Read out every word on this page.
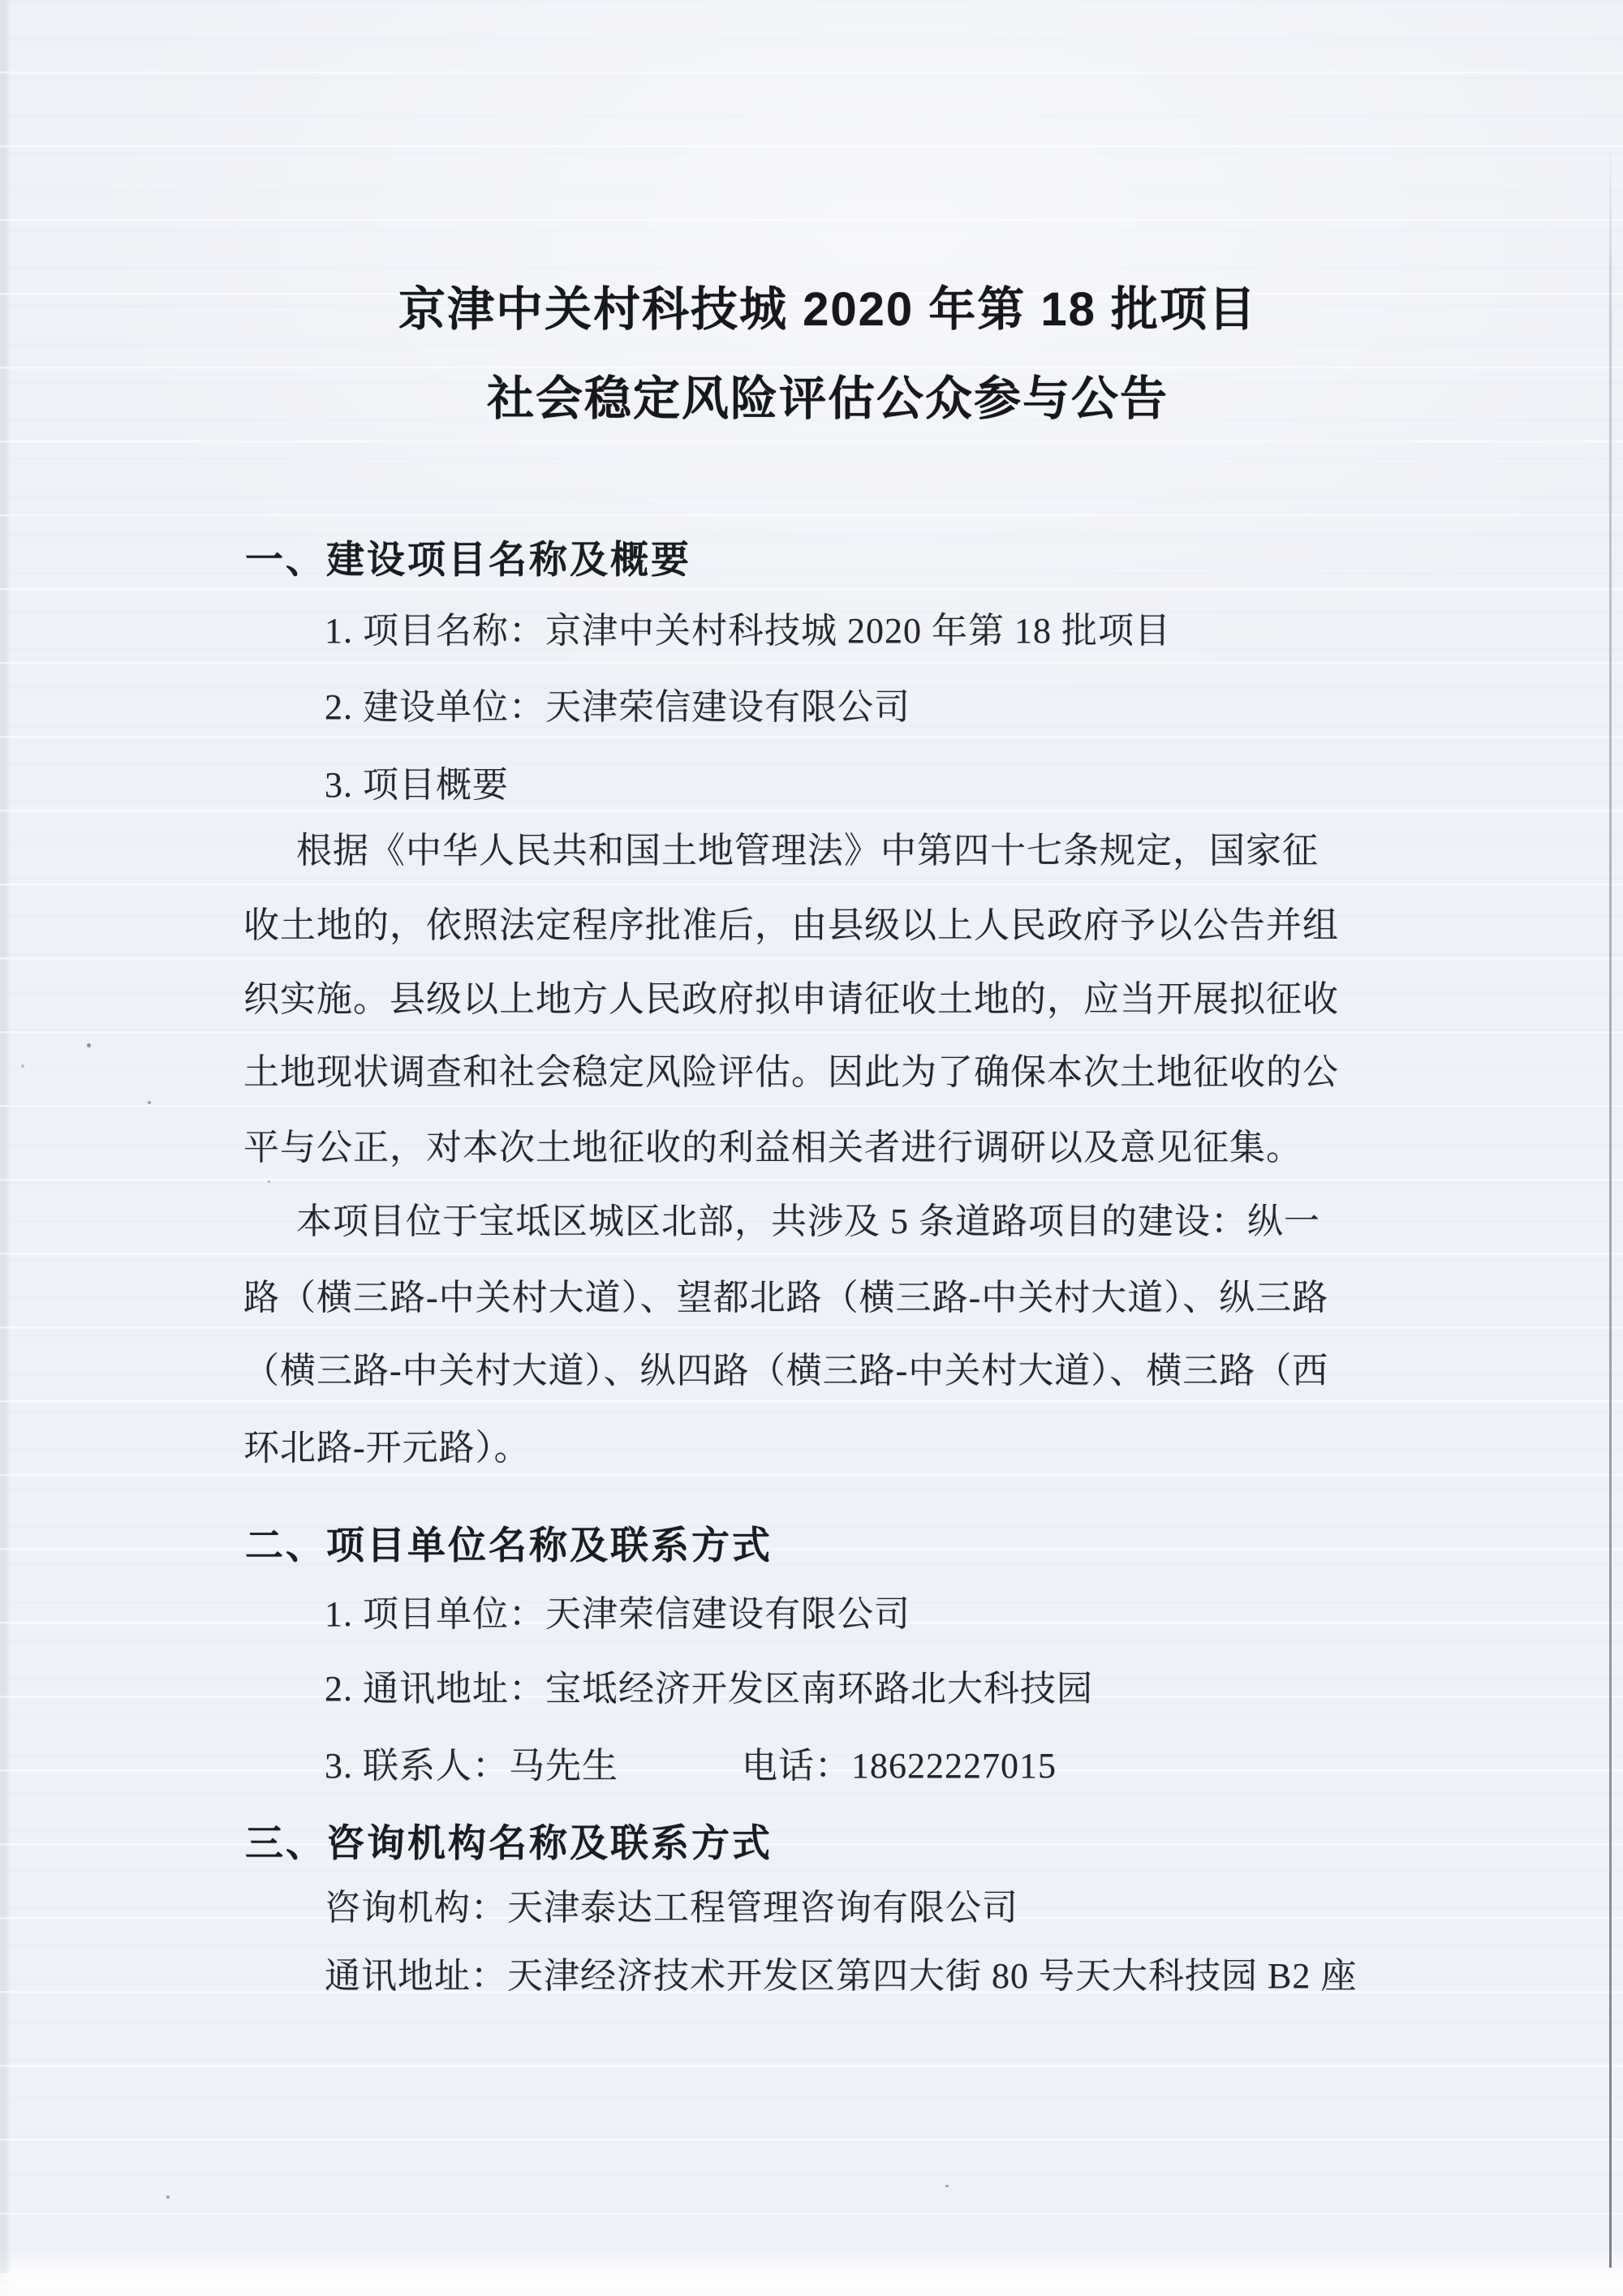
京津中关村科技城 2020 年第 18 批项目
社会稳定风险评估公众参与公告
一、建设项目名称及概要
1. 项目名称：京津中关村科技城 2020 年第 18 批项目
2. 建设单位：天津荣信建设有限公司
3. 项目概要
根据《中华人民共和国土地管理法》中第四十七条规定，国家征
收土地的，依照法定程序批准后，由县级以上人民政府予以公告并组
织实施。县级以上地方人民政府拟申请征收土地的，应当开展拟征收
土地现状调查和社会稳定风险评估。因此为了确保本次土地征收的公
平与公正，对本次土地征收的利益相关者进行调研以及意见征集。
本项目位于宝坻区城区北部，共涉及 5 条道路项目的建设：纵一
路（横三路-中关村大道）、望都北路（横三路-中关村大道）、纵三路
（横三路-中关村大道）、纵四路（横三路-中关村大道）、横三路（西
环北路-开元路）。
二、项目单位名称及联系方式
1. 项目单位：天津荣信建设有限公司
2. 通讯地址：宝坻经济开发区南环路北大科技园
3. 联系人：马先生	电话：18622227015
三、咨询机构名称及联系方式
咨询机构：天津泰达工程管理咨询有限公司
通讯地址：天津经济技术开发区第四大街 80 号天大科技园 B2 座
